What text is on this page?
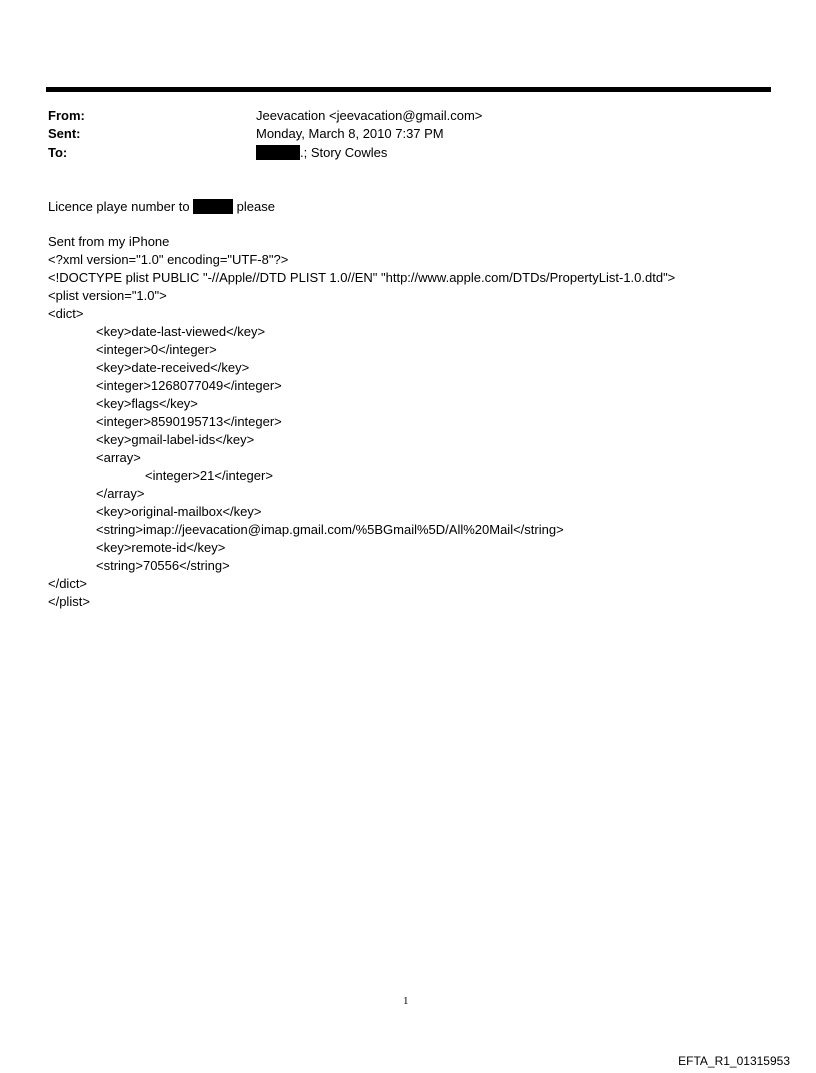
From:	Jeevacation <jeevacation@gmail.com>
Sent:	Monday, March 8, 2010 7:37 PM
To:	.; Story Cowles
Licence playe number to	please
Sent from my iPhone
<?xml version="1.0" encoding="UTF-8"?>
<!DOCTYPE plist PUBLIC "-//Apple//DTD PLIST 1.0//EN" "http://www.apple.com/DTDs/PropertyList-1.0.dtd">
<plist version="1.0">
<dict>
<key>date-last-viewed</key>
<integer>0</integer>
<key>date-received</key>
<integer>1268077049</integer>
<key>flags</key>
<integer>8590195713</integer>
<key>gmail-label-ids</key>
<array>
<integer>21</integer>
</array>
<key>original-mailbox</key>
<string>imap://jeevacation@imap.gmail.com/%5BGmail%5D/All%20Mail</string>
<key>remote-id</key>
<string>70556</string>
</dict>
</plist>
1
EFTA_R1_01315953
